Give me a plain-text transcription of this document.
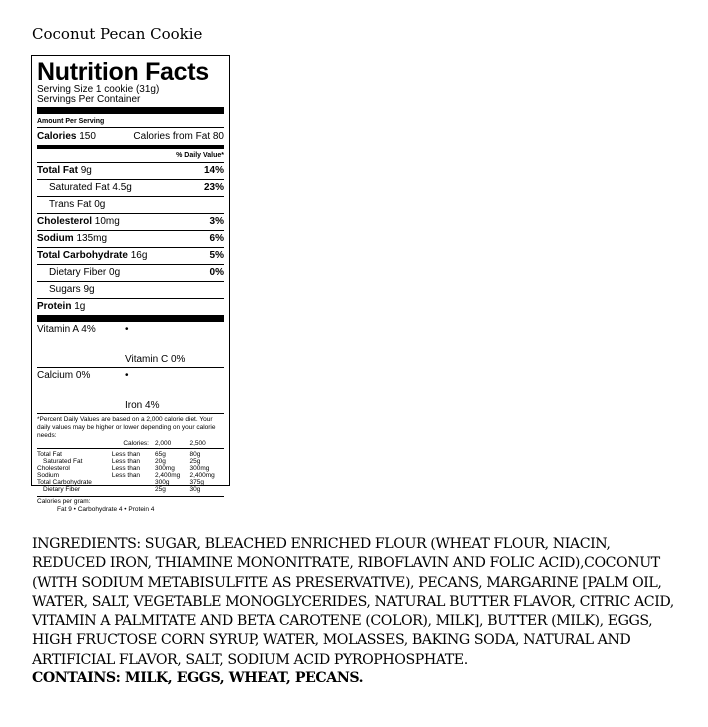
Coconut Pecan Cookie
Nutrition Facts
Serving Size 1 cookie (31g)
Servings Per Container
Amount Per Serving
Calories 150	Calories from Fat 80
% Daily Value*
Total Fat 9g	14%
Saturated Fat 4.5g	23%
Trans Fat 0g
Cholesterol 10mg	3%
Sodium 135mg	6%
Total Carbohydrate 16g	5%
Dietary Fiber 0g	0%
Sugars 9g
Protein 1g
Vitamin A 4%	•

Vitamin C 0%
Calcium 0%	•

Iron 4%
*Percent Daily Values are based on a 2,000 calorie diet. Your daily values may be higher or lower depending on your calorie needs:
	Calories:	2,000	2,500
Total Fat	Less than	65g	80g
Saturated Fat	Less than	20g	25g
Cholesterol	Less than	300mg	300mg
Sodium	Less than	2,400mg	2,400mg
Total Carbohydrate		300g	375g
Dietary Fiber		25g	30g
Calories per gram:
Fat 9 • Carbohydrate 4 • Protein 4
INGREDIENTS: SUGAR, BLEACHED ENRICHED FLOUR (WHEAT FLOUR, NIACIN, REDUCED IRON, THIAMINE MONONITRATE, RIBOFLAVIN AND FOLIC ACID),COCONUT (WITH SODIUM METABISULFITE AS PRESERVATIVE), PECANS, MARGARINE [PALM OIL, WATER, SALT, VEGETABLE MONOGLYCERIDES, NATURAL BUTTER FLAVOR, CITRIC ACID, VITAMIN A PALMITATE AND BETA CAROTENE (COLOR), MILK], BUTTER (MILK), EGGS, HIGH FRUCTOSE CORN SYRUP, WATER, MOLASSES, BAKING SODA, NATURAL AND ARTIFICIAL FLAVOR, SALT, SODIUM ACID PYROPHOSPHATE.
CONTAINS: MILK, EGGS, WHEAT, PECANS.
